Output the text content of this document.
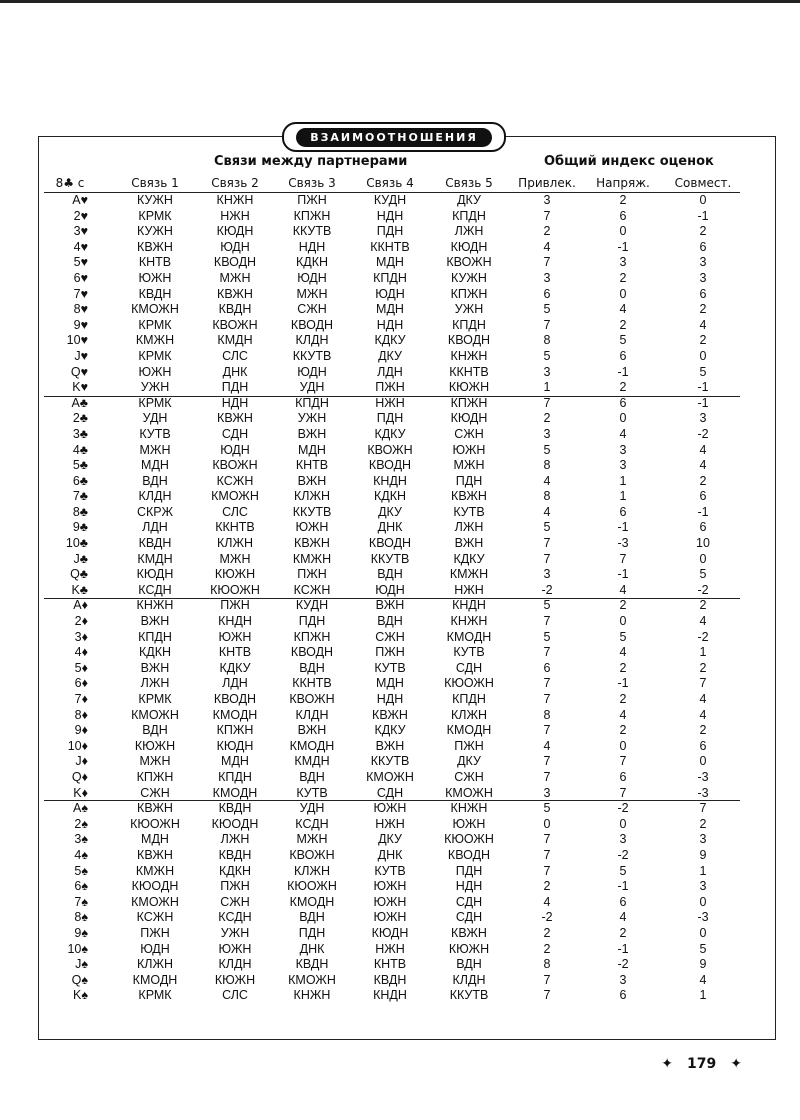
ВЗАИМООТНОШЕНИЯ
Связи между партнерами	Общий индекс оценок
8♣ с	Связь 1	Связь 2	Связь 3	Связь 4	Связь 5	Привлек.	Напряж.	Совмест.
A♥	КУЖН	КНЖН	ПЖН	КУДН	ДКУ	3	2	0
2♥	КРМК	НЖН	КПЖН	НДН	КПДН	7	6	-1
3♥	КУЖН	КЮДН	ККУТВ	ПДН	ЛЖН	2	0	2
4♥	КВЖН	ЮДН	НДН	ККНТВ	КЮДН	4	-1	6
5♥	КНТВ	КВОДН	КДКН	МДН	КВОЖН	7	3	3
6♥	ЮЖН	МЖН	ЮДН	КПДН	КУЖН	3	2	3
7♥	КВДН	КВЖН	МЖН	ЮДН	КПЖН	6	0	6
8♥	КМОЖН	КВДН	СЖН	МДН	УЖН	5	4	2
9♥	КРМК	КВОЖН	КВОДН	НДН	КПДН	7	2	4
10♥	КМЖН	КМДН	КЛДН	КДКУ	КВОДН	8	5	2
J♥	КРМК	СЛС	ККУТВ	ДКУ	КНЖН	5	6	0
Q♥	ЮЖН	ДНК	ЮДН	ЛДН	ККНТВ	3	-1	5
K♥	УЖН	ПДН	УДН	ПЖН	КЮЖН	1	2	-1
A♣	КРМК	НДН	КПДН	НЖН	КПЖН	7	6	-1
2♣	УДН	КВЖН	УЖН	ПДН	КЮДН	2	0	3
3♣	КУТВ	СДН	ВЖН	КДКУ	СЖН	3	4	-2
4♣	МЖН	ЮДН	МДН	КВОЖН	ЮЖН	5	3	4
5♣	МДН	КВОЖН	КНТВ	КВОДН	МЖН	8	3	4
6♣	ВДН	КСЖН	ВЖН	КНДН	ПДН	4	1	2
7♣	КЛДН	КМОЖН	КЛЖН	КДКН	КВЖН	8	1	6
8♣	СКРЖ	СЛС	ККУТВ	ДКУ	КУТВ	4	6	-1
9♣	ЛДН	ККНТВ	ЮЖН	ДНК	ЛЖН	5	-1	6
10♣	КВДН	КЛЖН	КВЖН	КВОДН	ВЖН	7	-3	10
J♣	КМДН	МЖН	КМЖН	ККУТВ	КДКУ	7	7	0
Q♣	КЮДН	КЮЖН	ПЖН	ВДН	КМЖН	3	-1	5
K♣	КСДН	КЮОЖН	КСЖН	ЮДН	НЖН	-2	4	-2
A♦	КНЖН	ПЖН	КУДН	ВЖН	КНДН	5	2	2
2♦	ВЖН	КНДН	ПДН	ВДН	КНЖН	7	0	4
3♦	КПДН	ЮЖН	КПЖН	СЖН	КМОДН	5	5	-2
4♦	КДКН	КНТВ	КВОДН	ПЖН	КУТВ	7	4	1
5♦	ВЖН	КДКУ	ВДН	КУТВ	СДН	6	2	2
6♦	ЛЖН	ЛДН	ККНТВ	МДН	КЮОЖН	7	-1	7
7♦	КРМК	КВОДН	КВОЖН	НДН	КПДН	7	2	4
8♦	КМОЖН	КМОДН	КЛДН	КВЖН	КЛЖН	8	4	4
9♦	ВДН	КПЖН	ВЖН	КДКУ	КМОДН	7	2	2
10♦	КЮЖН	КЮДН	КМОДН	ВЖН	ПЖН	4	0	6
J♦	МЖН	МДН	КМДН	ККУТВ	ДКУ	7	7	0
Q♦	КПЖН	КПДН	ВДН	КМОЖН	СЖН	7	6	-3
K♦	СЖН	КМОДН	КУТВ	СДН	КМОЖН	3	7	-3
A♠	КВЖН	КВДН	УДН	ЮЖН	КНЖН	5	-2	7
2♠	КЮОЖН	КЮОДН	КСДН	НЖН	ЮЖН	0	0	2
3♠	МДН	ЛЖН	МЖН	ДКУ	КЮОЖН	7	3	3
4♠	КВЖН	КВДН	КВОЖН	ДНК	КВОДН	7	-2	9
5♠	КМЖН	КДКН	КЛЖН	КУТВ	ПДН	7	5	1
6♠	КЮОДН	ПЖН	КЮОЖН	ЮЖН	НДН	2	-1	3
7♠	КМОЖН	СЖН	КМОДН	ЮЖН	СДН	4	6	0
8♠	КСЖН	КСДН	ВДН	ЮЖН	СДН	-2	4	-3
9♠	ПЖН	УЖН	ПДН	КЮДН	КВЖН	2	2	0
10♠	ЮДН	ЮЖН	ДНК	НЖН	КЮЖН	2	-1	5
J♠	КЛЖН	КЛДН	КВДН	КНТВ	ВДН	8	-2	9
Q♠	КМОДН	КЮЖН	КМОЖН	КВДН	КЛДН	7	3	4
K♠	КРМК	СЛС	КНЖН	КНДН	ККУТВ	7	6	1
✦ 179 ✦
